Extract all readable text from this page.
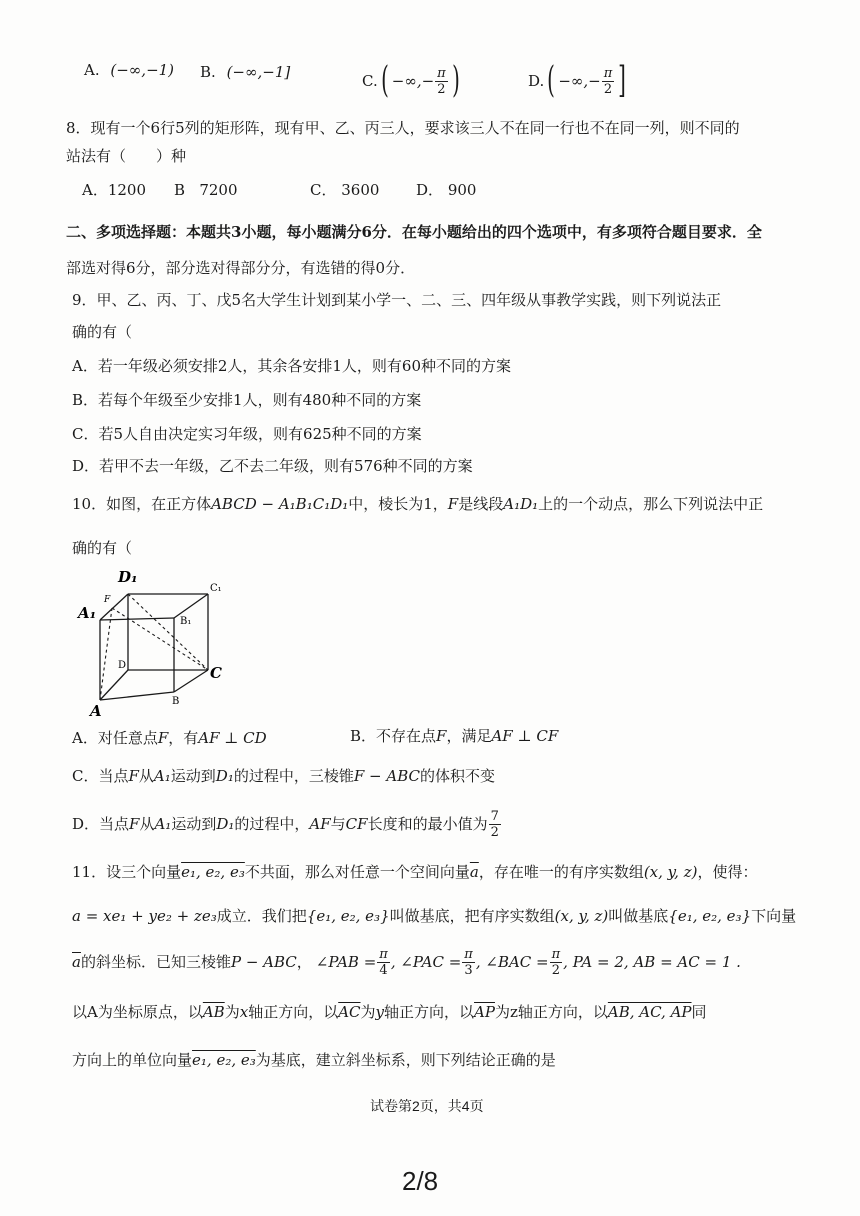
A. (−∞,−1) B. (−∞,−1]	C. ( −∞,− $\frac{\pi}{2}$ )	D. ( −∞,− $\frac{\pi}{2}$ ]
8．现有一个6行5列的矩形阵，现有甲、乙、丙三人，要求该三人不在同一行也不在同一列，则不同的
站法有（　　）种
A．1200	B 7200	C． 3600	D． 900
二、多项选择题：本题共3小题，每小题满分6分．在每小题给出的四个选项中，有多项符合题目要求．全
部选对得6分，部分选对得部分分，有选错的得0分．
9．甲、乙、丙、丁、戊5名大学生计划到某小学一、二、三、四年级从事教学实践，则下列说法正
确的有（
A．若一年级必须安排2人，其余各安排1人，则有60种不同的方案
B．若每个年级至少安排1人，则有480种不同的方案
C．若5人自由决定实习年级，则有625种不同的方案
D．若甲不去一年级，乙不去二年级，则有576种不同的方案
10．如图，在正方体ABCD − A₁B₁C₁D₁中，棱长为1，F是线段A₁D₁上的一个动点，那么下列说法中正
确的有（
D₁
C₁
A₁
F
B₁
D	C
A
B
A．对任意点F，有AF ⊥ CD	B．不存在点F，满足AF ⊥ CF
C．当点F从A₁运动到D₁的过程中，三棱锥F − ABC的体积不变
D．当点 F 从 A₁ 运动到 D₁ 的过程中， AF 与 CF 长度和的最小值为 $\frac{7}{2}$
11．设三个向量e₁, e₂, e₃不共面，那么对任意一个空间向量$\overline{a}$，存在唯一的有序实数组(x, y, z)，使得：
a = xe₁ + ye₂ + ze₃成立．我们把{e₁, e₂, e₃}叫做基底，把有序实数组(x, y, z)叫做基底{e₁, e₂, e₃}下向量
$\overline{a}$ 的斜坐标．已知三棱锥 P − ABC ， ∠PAB = $\frac{\pi}{4}$ , ∠PAC = $\frac{\pi}{3}$ , ∠BAC = $\frac{\pi}{2}$ , PA = 2, AB = AC = 1 .
以A为坐标原点，以$\overline{AB}$为x轴正方向，以$\overline{AC}$为y轴正方向，以$\overline{AP}$为z轴正方向，以AB, AC, AP同
方向上的单位向量e₁, e₂, e₃为基底，建立斜坐标系，则下列结论正确的是
试卷第2页，共4页
2/8
